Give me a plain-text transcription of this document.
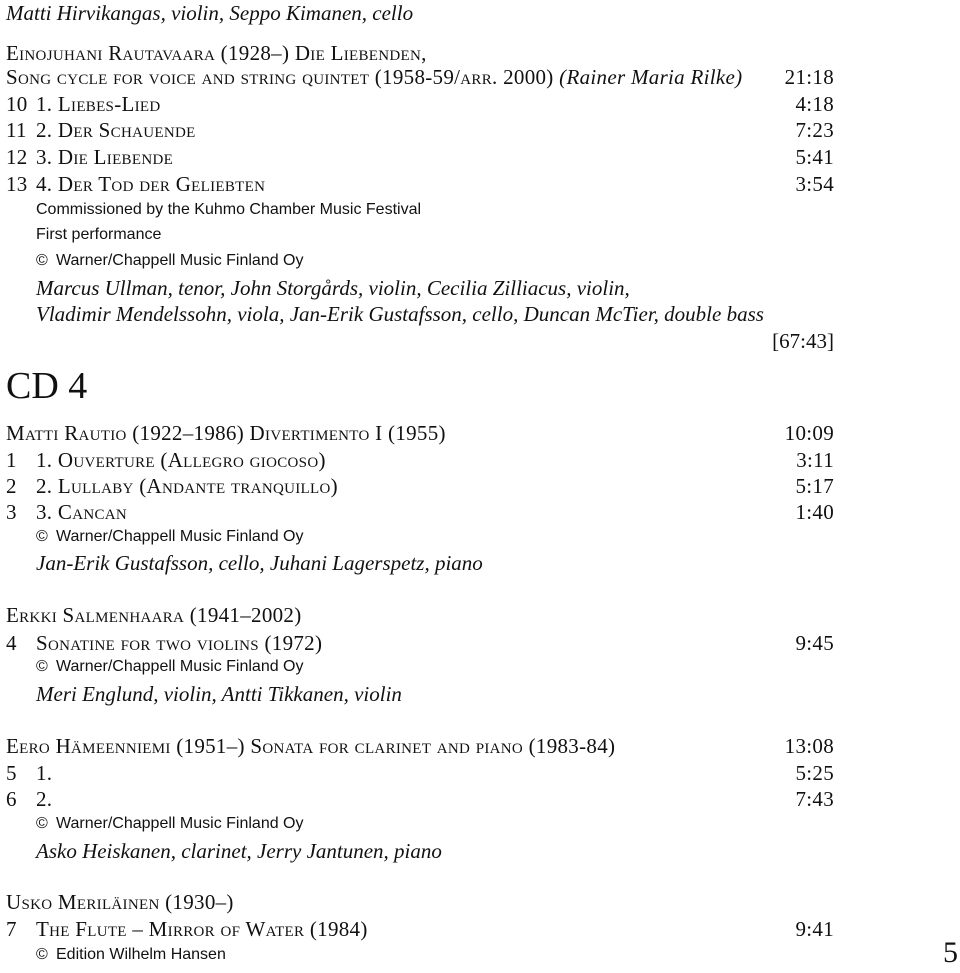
Matti Hirvikangas, violin, Seppo Kimanen, cello
Einojuhani Rautavaara (1928–) Die Liebenden,
Song cycle for voice and string quintet (1958-59/arr. 2000)
(Rainer Maria Rilke) 21:18
10 1. Liebes-Lied	4:18
11 2. Der Schauende	7:23
12 3. Die Liebende	5:41
13 4. Der Tod der Geliebten	3:54
Commissioned by the Kuhmo Chamber Music Festival
First performance
© Warner/Chappell Music Finland Oy
Marcus Ullman, tenor, John Storgårds, violin, Cecilia Zilliacus, violin,
Vladimir Mendelssohn, viola, Jan-Erik Gustafsson, cello, Duncan McTier, double bass
[67:43]
CD 4
Matti Rautio (1922–1986) Divertimento I (1955)	10:09
1 1. Ouverture (Allegro giocoso)	3:11
2 2. Lullaby (Andante tranquillo)	5:17
3 3. Cancan	1:40
© Warner/Chappell Music Finland Oy
Jan-Erik Gustafsson, cello, Juhani Lagerspetz, piano
Erkki Salmenhaara (1941–2002)
4 Sonatine for two violins (1972)	9:45
© Warner/Chappell Music Finland Oy
Meri Englund, violin, Antti Tikkanen, violin
Eero Hämeenniemi (1951–) Sonata for clarinet and piano (1983-84)	13:08
5 1.	5:25
6 2.	7:43
© Warner/Chappell Music Finland Oy
Asko Heiskanen, clarinet, Jerry Jantunen, piano
Usko Meriläinen (1930–)
7 The Flute – Mirror of Water (1984)	9:41
© Edition Wilhelm Hansen	5
